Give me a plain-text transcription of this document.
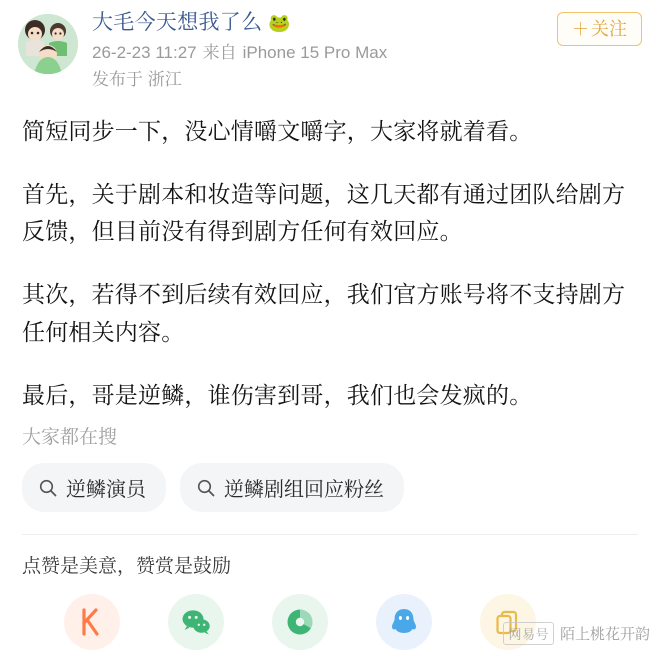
大毛今天想我了么 🐸
26-2-23 11:27 来自 iPhone 15 Pro Max
发布于 浙江
＋ 关注

简短同步一下，没心情嚼文嚼字，大家将就着看。

首先，关于剧本和妆造等问题，这几天都有通过团队给剧方反馈，但目前没有得到剧方任何有效回应。

其次，若得不到后续有效回应，我们官方账号将不支持剧方任何相关内容。

最后，哥是逆鳞，谁伤害到哥，我们也会发疯的。

大家都在搜
逆鳞演员	逆鳞剧组回应粉丝
点赞是美意，赞赏是鼓励
网易号 陌上桃花开韵
